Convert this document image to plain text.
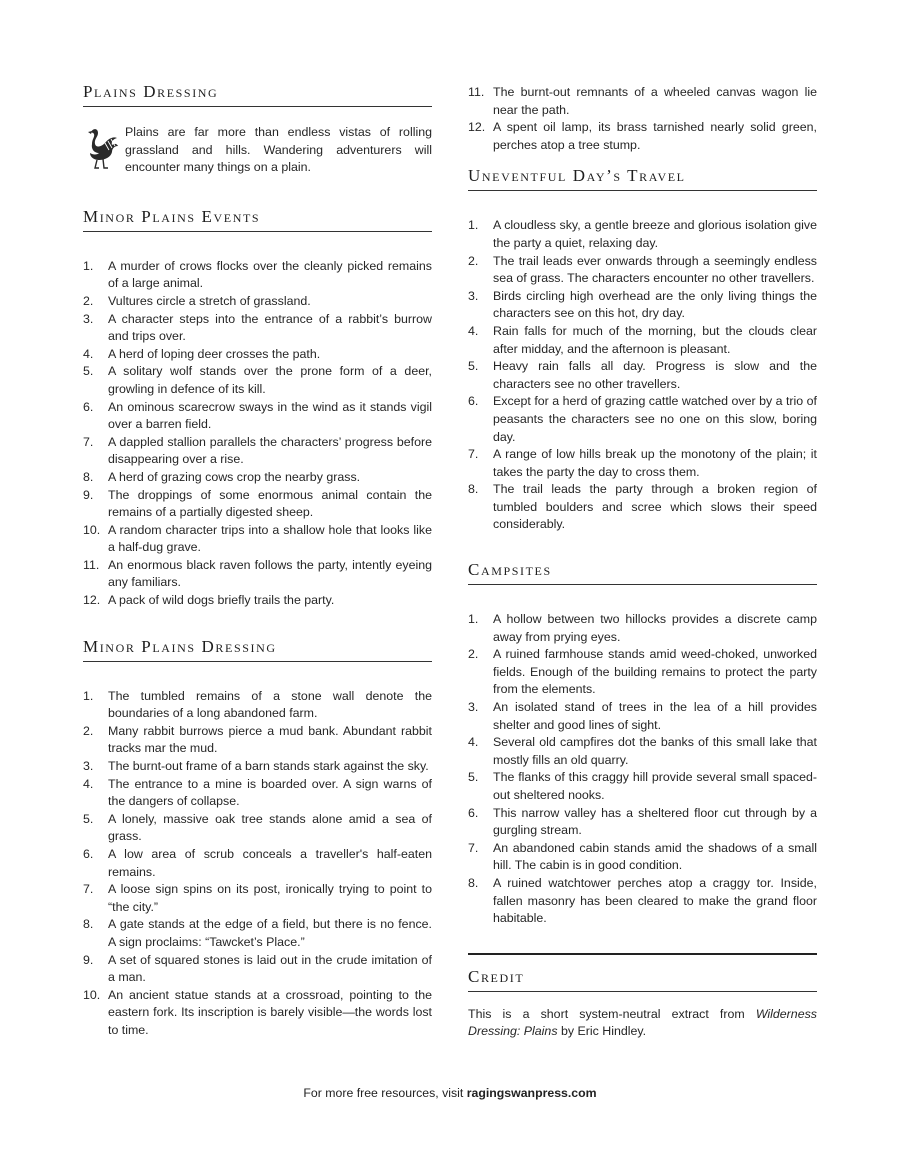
Plains Dressing

Plains are far more than endless vistas of rolling grassland and hills. Wandering adventurers will encounter many things on a plain.

Minor Plains Events
1.	A murder of crows flocks over the cleanly picked remains of a large animal.
2.	Vultures circle a stretch of grassland.
3.	A character steps into the entrance of a rabbit’s burrow and trips over.
4.	A herd of loping deer crosses the path.
5.	A solitary wolf stands over the prone form of a deer, growling in defence of its kill.
6.	An ominous scarecrow sways in the wind as it stands vigil over a barren field.
7.	A dappled stallion parallels the characters’ progress before disappearing over a rise.
8.	A herd of grazing cows crop the nearby grass.
9.	The droppings of some enormous animal contain the remains of a partially digested sheep.
10. A random character trips into a shallow hole that looks like a half-dug grave.
11. An enormous black raven follows the party, intently eyeing any familiars.
12. A pack of wild dogs briefly trails the party.
Minor Plains Dressing
1.	The tumbled remains of a stone wall denote the boundaries of a long abandoned farm.
2.	Many rabbit burrows pierce a mud bank. Abundant rabbit tracks mar the mud.
3.	The burnt-out frame of a barn stands stark against the sky.
4.	The entrance to a mine is boarded over. A sign warns of the dangers of collapse.
5.	A lonely, massive oak tree stands alone amid a sea of grass.
6.	A low area of scrub conceals a traveller's half-eaten remains.
7.	A loose sign spins on its post, ironically trying to point to “the city.”
8.	A gate stands at the edge of a field, but there is no fence. A sign proclaims: “Tawcket’s Place.”
9.	A set of squared stones is laid out in the crude imitation of a man.
10. An ancient statue stands at a crossroad, pointing to the eastern fork. Its inscription is barely visible—the words lost to time.
11. The burnt-out remnants of a wheeled canvas wagon lie near the path.
12. A spent oil lamp, its brass tarnished nearly solid green, perches atop a tree stump.
Uneventful Day’s Travel
1.	A cloudless sky, a gentle breeze and glorious isolation give the party a quiet, relaxing day.
2.	The trail leads ever onwards through a seemingly endless sea of grass. The characters encounter no other travellers.
3.	Birds circling high overhead are the only living things the characters see on this hot, dry day.
4.	Rain falls for much of the morning, but the clouds clear after midday, and the afternoon is pleasant.
5.	Heavy rain falls all day. Progress is slow and the characters see no other travellers.
6.	Except for a herd of grazing cattle watched over by a trio of peasants the characters see no one on this slow, boring day.
7.	A range of low hills break up the monotony of the plain; it takes the party the day to cross them.
8.	The trail leads the party through a broken region of tumbled boulders and scree which slows their speed considerably.
Campsites
1.	A hollow between two hillocks provides a discrete camp away from prying eyes.
2.	A ruined farmhouse stands amid weed-choked, unworked fields. Enough of the building remains to protect the party from the elements.
3.	An isolated stand of trees in the lea of a hill provides shelter and good lines of sight.
4.	Several old campfires dot the banks of this small lake that mostly fills an old quarry.
5.	The flanks of this craggy hill provide several small spaced-out sheltered nooks.
6.	This narrow valley has a sheltered floor cut through by a gurgling stream.
7.	An abandoned cabin stands amid the shadows of a small hill. The cabin is in good condition.
8.	A ruined watchtower perches atop a craggy tor. Inside, fallen masonry has been cleared to make the grand floor habitable.
Credit

This is a short system-neutral extract from Wilderness Dressing: Plains by Eric Hindley.

For more free resources, visit ragingswanpress.com
